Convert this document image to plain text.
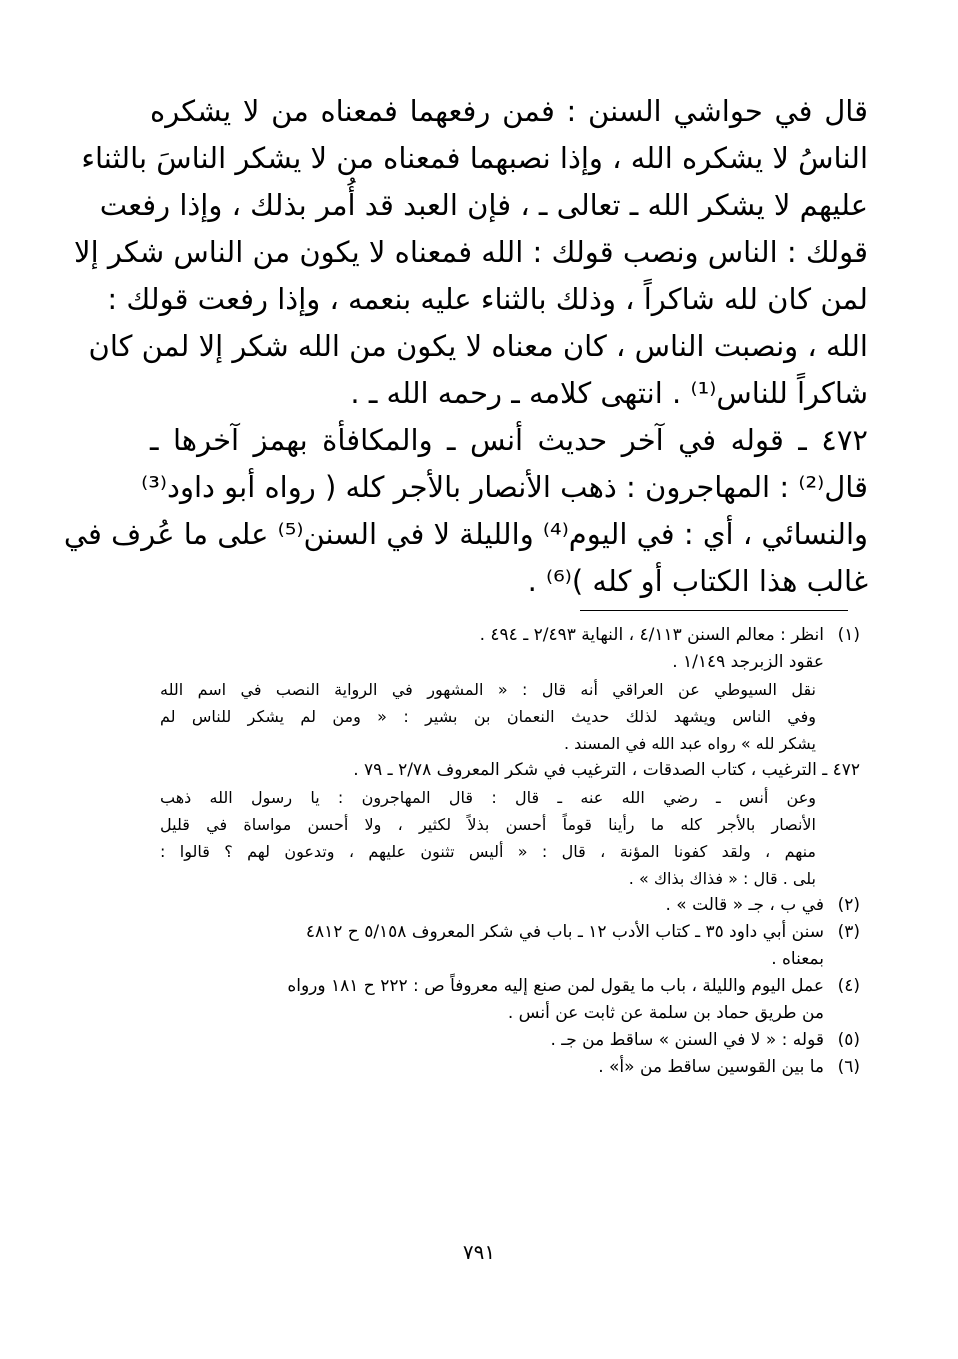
قال في حواشي السنن : فمن رفعهما فمعناه من لا يشكره
الناسُ لا يشكره الله ، وإذا نصبهما فمعناه من لا يشكر الناسَ بالثناء
عليهم لا يشكر الله ـ تعالى ـ ، فإن العبد قد أُمر بذلك ، وإذا رفعت
قولك : الناس ونصب قولك : الله فمعناه لا يكون من الناس شكر إلا
لمن كان لله شاكراً ، وذلك بالثناء عليه بنعمه ، وإذا رفعت قولك :
الله ، ونصبت الناس ، كان معناه لا يكون من الله شكر إلا لمن كان
شاكراً للناس⁽¹⁾ . انتهى كلامه ـ رحمه الله ـ .
٤٧٢ ـ قوله في آخر حديث أنس ـ والمكافأة بهمز آخرها ـ
قال⁽²⁾ : المهاجرون : ذهب الأنصار بالأجر كله ( رواه أبو داود⁽³⁾
والنسائي ، أي : في اليوم⁽⁴⁾ والليلة لا في السنن⁽⁵⁾ على ما عُرف في
غالب هذا الكتاب أو كله )⁽⁶⁾ .
(١)انظر : معالم السنن ٤/١١٣ ، النهاية ٢/٤٩٣ ـ ٤٩٤ .
عقود الزبرجد ١/١٤٩ .
نقل السيوطي عن العراقي أنه قال : « المشهور في الرواية النصب في اسم الله
وفي الناس ويشهد لذلك حديث النعمان بن بشير : « ومن لم يشكر للناس لم
يشكر لله » رواه عبد الله في المسند .
٤٧٢ ـ الترغيب ، كتاب الصدقات ، الترغيب في شكر المعروف ٢/٧٨ ـ ٧٩ .
وعن أنس ـ رضي الله عنه ـ قال : قال المهاجرون : يا رسول الله ذهب
الأنصار بالأجر كله ما رأينا قوماً أحسن بذلاً لكثير ، ولا أحسن مواساة في قليل
منهم ، ولقد كفونا المؤنة ، قال : « أليس تثنون عليهم ، وتدعون لهم ؟ قالوا :
بلى . قال : « فذاك بذاك » .
(٢)في ب ، جـ « قالت » .
(٣)سنن أبي داود ٣٥ ـ كتاب الأدب ١٢ ـ باب في شكر المعروف ٥/١٥٨ ح ٤٨١٢
بمعناه .
(٤)عمل اليوم والليلة ، باب ما يقول لمن صنع إليه معروفاً ص : ٢٢٢ ح ١٨١ ورواه
من طريق حماد بن سلمة عن ثابت عن أنس .
(٥)قوله : « لا في السنن » ساقط من جـ .
(٦)ما بين القوسين ساقط من «أ» .
٧٩١
